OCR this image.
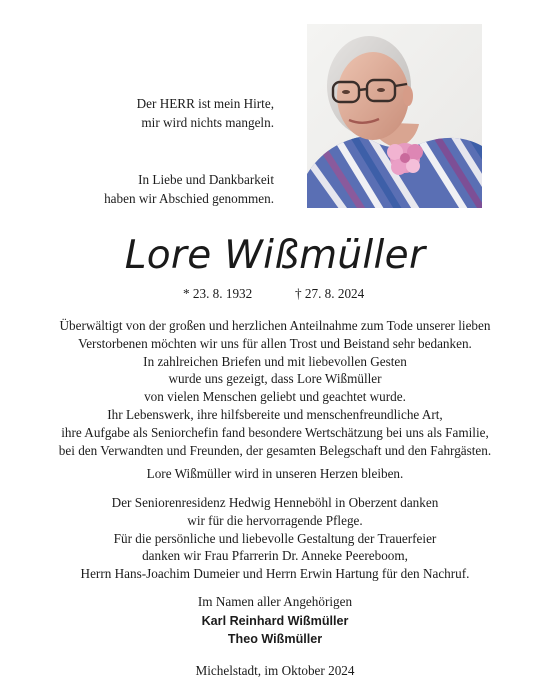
Der HERR ist mein Hirte,
mir wird nichts mangeln.
In Liebe und Dankbarkeit
haben wir Abschied genommen.
Lore Wißmüller
* 23. 8. 1932	† 27. 8. 2024
Überwältigt von der großen und herzlichen Anteilnahme zum Tode unserer lieben
Verstorbenen möchten wir uns für allen Trost und Beistand sehr bedanken.
In zahlreichen Briefen und mit liebevollen Gesten
wurde uns gezeigt, dass Lore Wißmüller
von vielen Menschen geliebt und geachtet wurde.
Ihr Lebenswerk, ihre hilfsbereite und menschenfreundliche Art,
ihre Aufgabe als Seniorchefin fand besondere Wertschätzung bei uns als Familie,
bei den Verwandten und Freunden, der gesamten Belegschaft und den Fahrgästen.
Lore Wißmüller wird in unseren Herzen bleiben.
Der Seniorenresidenz Hedwig Henneböhl in Oberzent danken
wir für die hervorragende Pflege.
Für die persönliche und liebevolle Gestaltung der Trauerfeier
danken wir Frau Pfarrerin Dr. Anneke Peereboom,
Herrn Hans-Joachim Dumeier und Herrn Erwin Hartung für den Nachruf.
Im Namen aller Angehörigen
Karl Reinhard Wißmüller
Theo Wißmüller
Michelstadt, im Oktober 2024
